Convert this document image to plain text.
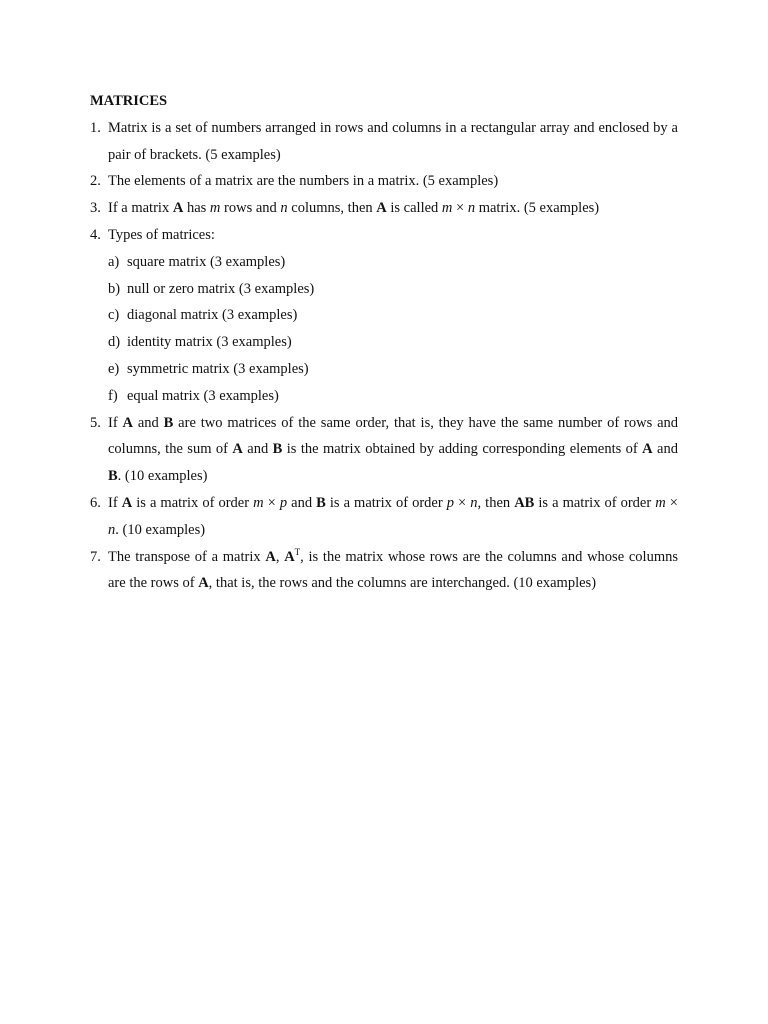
MATRICES

1. Matrix is a set of numbers arranged in rows and columns in a rectangular array and enclosed by a pair of brackets. (5 examples)
2. The elements of a matrix are the numbers in a matrix. (5 examples)
3. If a matrix A has m rows and n columns, then A is called m × n matrix. (5 examples)
4. Types of matrices:
a) square matrix (3 examples)
b) null or zero matrix (3 examples)
c) diagonal matrix (3 examples)
d) identity matrix (3 examples)
e) symmetric matrix (3 examples)
f) equal matrix (3 examples)
5. If A and B are two matrices of the same order, that is, they have the same number of rows and columns, the sum of A and B is the matrix obtained by adding corresponding elements of A and B. (10 examples)
6. If A is a matrix of order m × p and B is a matrix of order p × n, then AB is a matrix of order m × n. (10 examples)
7. The transpose of a matrix A, $A^T$, is the matrix whose rows are the columns and whose columns are the rows of A, that is, the rows and the columns are interchanged. (10 examples)
